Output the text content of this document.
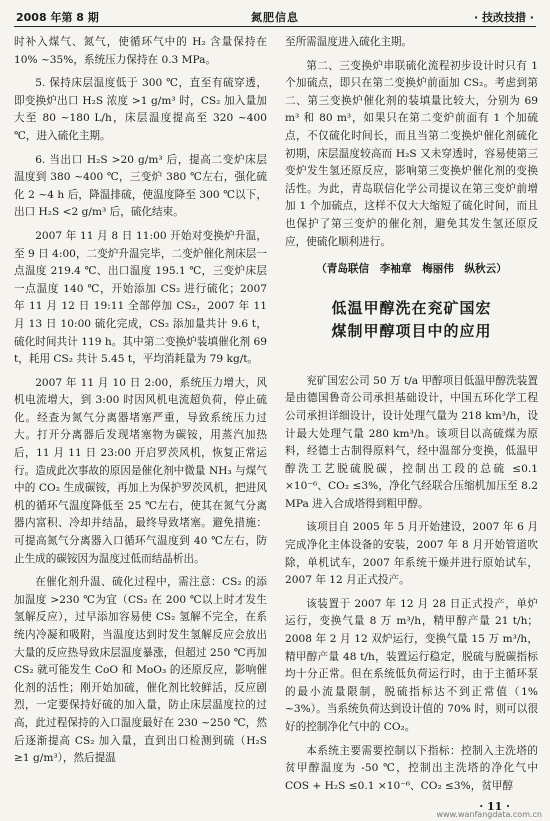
2008 年第 8 期	氮肥信息	· 技改技措 ·

时补入煤气、氮气，使循环气中的 H₂ 含量保持在 10% ~35%，系统压力保持在 0.3 MPa。

5. 保持床层温度低于 300 ℃，直至有硫穿透，即变换炉出口 H₂S 浓度 >1 g/m³ 时，CS₂ 加入量加大至 80 ~180 L/h，床层温度提高至 320 ~400 ℃，进入硫化主期。

6. 当出口 H₂S >20 g/m³ 后，提高二变炉床层温度到 380 ~400 ℃，三变炉 380 ℃左右，强化硫化 2 ~4 h 后，降温排硫，使温度降至 300 ℃以下，出口 H₂S <2 g/m³ 后，硫化结束。

2007 年 11 月 8 日 11:00 开始对变换炉升温，至 9 日 4:00，二变炉升温完毕，二变炉催化剂床层一点温度 219.4 ℃、出口温度 195.1 ℃，三变炉床层一点温度 140 ℃，开始添加 CS₂ 进行硫化；2007 年 11 月 12 日 19:11 全部停加 CS₂，2007 年 11 月 13 日 10:00 硫化完成，CS₂ 添加量共计 9.6 t，硫化时间共计 119 h。其中第二变换炉装填催化剂 69 t，耗用 CS₂ 共计 5.45 t，平均消耗量为 79 kg/t。

2007 年 11 月 10 日 2:00，系统压力增大，风机电流增大，到 3:00 时因风机电流超负荷，停止硫化。经查为氮气分离器堵塞严重，导致系统压力过大。打开分离器后发现堵塞物为碳铵，用蒸汽加热后，11 月 11 日 23:00 开启罗茨风机，恢复正常运行。造成此次事故的原因是催化剂中微量 NH₃ 与煤气中的 CO₂ 生成碳铵，再加上为保护罗茨风机，把进风机的循环气温度降低至 25 ℃左右，使其在氮气分离器内富积、冷却并结晶，最终导致堵塞。避免措施：可提高氮气分离器入口循环气温度到 40 ℃左右，防止生成的碳铵因为温度过低而结晶析出。

在催化剂升温、硫化过程中，需注意：CS₂ 的添加温度 >230 ℃为宜（CS₂ 在 200 ℃以上时才发生氢解反应），过早添加容易使 CS₂ 氢解不完全，在系统内冷凝和吸附，当温度达到时发生氢解反应会放出大量的反应热导致床层温度暴涨，但超过 250 ℃再加 CS₂ 就可能发生 CoO 和 MoO₃ 的还原反应，影响催化剂的活性；刚开始加硫，催化剂比较鲜活，反应剧烈，一定要保持好硫的加入量，防止床层温度拉的过高，此过程保持的入口温度最好在 230 ~250 ℃，然后逐渐提高 CS₂ 加入量，直到出口检测到硫（H₂S ≥1 g/m³），然后提温

至所需温度进入硫化主期。

第二、三变换炉串联硫化流程初步设计时只有 1 个加硫点，即只在第二变换炉前面加 CS₂。考虑到第二、第三变换炉催化剂的装填量比较大，分别为 69 m³ 和 80 m³，如果只在第二变炉前面有 1 个加硫点，不仅硫化时间长，而且当第二变换炉催化剂硫化初期，床层温度较高而 H₂S 又未穿透时，容易使第三变炉发生氢还原反应，影响第三变换炉催化剂的变换活性。为此，青岛联信化学公司提议在第三变炉前增加 1 个加硫点，这样不仅大大缩短了硫化时间，而且也保护了第三变炉的催化剂，避免其发生氢还原反应，使硫化顺利进行。

（青岛联信　李袖章　梅丽伟　纵秋云）
低温甲醇洗在兖矿国宏
煤制甲醇项目中的应用

兖矿国宏公司 50 万 t/a 甲醇项目低温甲醇洗装置是由德国鲁奇公司承担基础设计，中国五环化学工程公司承担详细设计，设计处理气量为 218 km³/h，设计最大处理气量 280 km³/h。该项目以高硫煤为原料，经德士古制得原料气，经中温部分变换，低温甲醇洗工艺脱硫脱碳，控制出工段的总硫 ≤0.1 ×10⁻⁶、CO₂ ≤3%，净化气经联合压缩机加压至 8.2 MPa 进入合成塔得到粗甲醇。

该项目自 2005 年 5 月开始建设，2007 年 6 月完成净化主体设备的安装，2007 年 8 月开始管道吹除，单机试车，2007 年系统干燥并进行原始试车，2007 年 12 月正式投产。

该装置于 2007 年 12 月 28 日正式投产，单炉运行，变换气量 8 万 m³/h，精甲醇产量 21 t/h；2008 年 2 月 12 双炉运行，变换气量 15 万 m³/h，精甲醇产量 48 t/h，装置运行稳定，脱硫与脱碳指标均十分正常。但在系统低负荷运行时，由于主循环泵的最小流量限制，脱硫指标达不到正常值（1% ~3%）。当系统负荷达到设计值的 70% 时，则可以很好的控制净化气中的 CO₂。

本系统主要需要控制以下指标：控制入主洗塔的贫甲醇温度为 -50 ℃，控制出主洗塔的净化气中 COS + H₂S ≤0.1 ×10⁻⁶、CO₂ ≤3%，贫甲醇

· 11 ·
www.wanfangdata.com.cn
